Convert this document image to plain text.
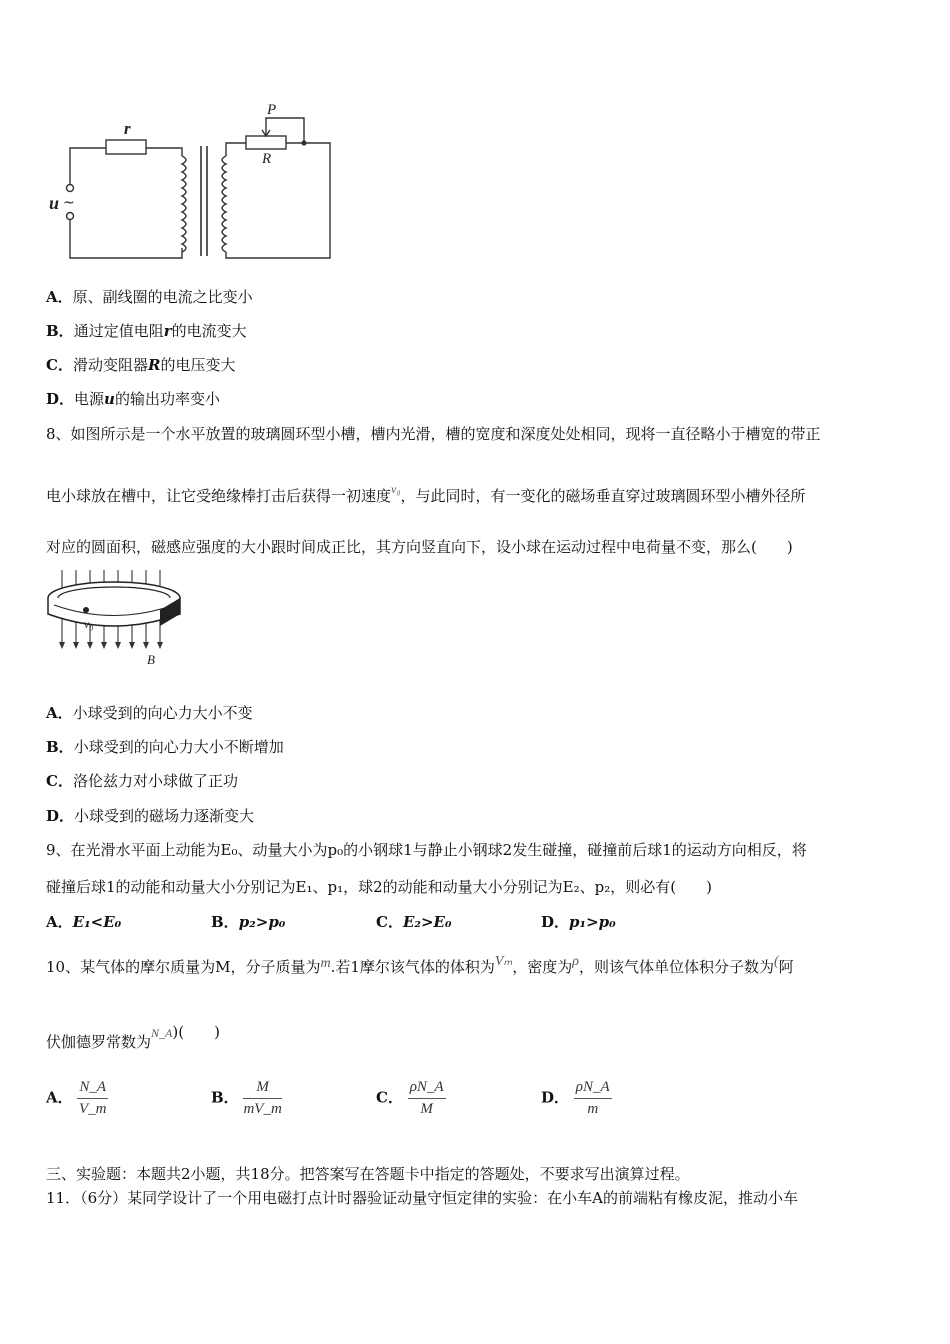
r
P
R
u ~
A．原、副线圈的电流之比变小
B．通过定值电阻r的电流变大
C．滑动变阻器R的电压变大
D．电源u的输出功率变小
8、如图所示是一个水平放置的玻璃圆环型小槽，槽内光滑，槽的宽度和深度处处相同，现将一直径略小于槽宽的带正
电小球放在槽中，让它受绝缘棒打击后获得一初速度$^{v_0}$，与此同时，有一变化的磁场垂直穿过玻璃圆环型小槽外径所
对应的圆面积，磁感应强度的大小跟时间成正比，其方向竖直向下，设小球在运动过程中电荷量不变，那么(　　)
v₀
B
A．小球受到的向心力大小不变
B．小球受到的向心力大小不断增加
C．洛伦兹力对小球做了正功
D．小球受到的磁场力逐渐变大
9、在光滑水平面上动能为E₀、动量大小为p₀的小钢球1与静止小钢球2发生碰撞，碰撞前后球1的运动方向相反，将
碰撞后球1的动能和动量大小分别记为E₁、p₁，球2的动能和动量大小分别记为E₂、p₂，则必有(　　)
A．E₁<E₀	B．p₂>p₀	C．E₂>E₀	D．p₁>p₀
10、某气体的摩尔质量为M，分子质量为m.若1摩尔该气体的体积为Vₘ，密度为ρ，则该气体单位体积分子数为(阿
伏伽德罗常数为$^{N\_A}$)(　　)
A． $\frac{N\_A}{V\_m}$	B． $\frac{M}{mV\_m}$	C． $\frac{\rho N\_A}{M}$	D． $\frac{\rho N\_A}{m}$
三、实验题：本题共2小题，共18分。把答案写在答题卡中指定的答题处，不要求写出演算过程。
11．（6分）某同学设计了一个用电磁打点计时器验证动量守恒定律的实验：在小车A的前端粘有橡皮泥，推动小车
